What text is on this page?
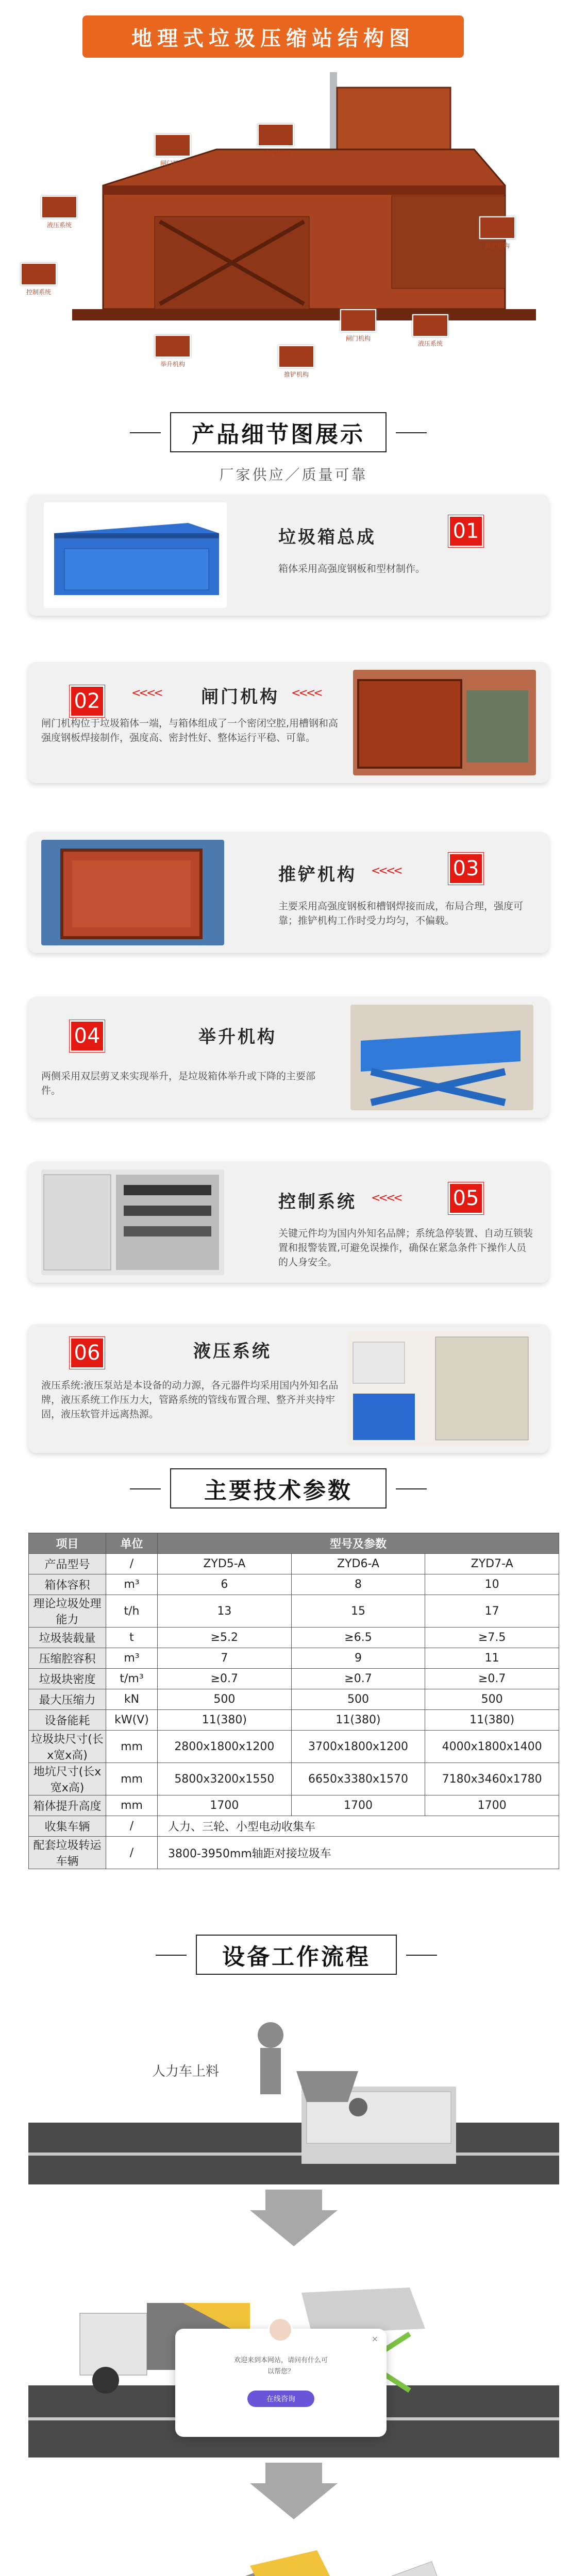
地理式垃圾压缩站结构图
闸门机构
垃圾箱总成
液压系统
控制系统
举升机构
推铲机构
推铲机构
闸门机构
液压系统
产品细节图展示
厂家供应／质量可靠
垃圾箱总成	01
箱体采用高强度钢板和型材制作。
02	闸门机构
<<<<	<<<<
闸门机构位于垃圾箱体一端，与箱体组成了一个密闭空腔,用槽钢和高强度钢板焊接制作，强度高、密封性好、整体运行平稳、可靠。
推铲机构 <<<<	03
主要采用高强度钢板和槽钢焊接而成，布局合理，强度可靠；推铲机构工作时受力均匀，不偏载。
04	举升机构
两侧采用双层剪叉来实现举升，是垃圾箱体举升或下降的主要部件。
控制系统 <<<<	05
关键元件均为国内外知名品牌；系统急停装置、自动互锁装置和报警装置,可避免误操作，确保在紧急条件下操作人员的人身安全。
06	液压系统
液压系统:液压泵站是本设备的动力源，各元器件均采用国内外知名品牌，液压系统工作压力大，管路系统的管线布置合理、整齐并夹持牢固，液压软管并远离热源。
主要技术参数
项目	单位	型号及参数		
产品型号	/	ZYD5-A	ZYD6-A	ZYD7-A
箱体容积	m³	6	8	10
理论垃圾处理能力	t/h	13	15	17
垃圾装载量	t	≥5.2	≥6.5	≥7.5
压缩腔容积	m³	7	9	11
垃圾块密度	t/m³	≥0.7	≥0.7	≥0.7
最大压缩力	kN	500	500	500
设备能耗	kW(V)	11(380)	11(380)	11(380)
垃圾块尺寸(长x宽x高)	mm	2800x1800x1200	3700x1800x1200	4000x1800x1400
地坑尺寸(长x宽x高)	mm	5800x3200x1550	6650x3380x1570	7180x3460x1780
箱体提升高度	mm	1700	1700	1700
收集车辆	/	人力、三轮、小型电动收集车		
配套垃圾转运车辆	/	3800-3950mm轴距对接垃圾车		
设备工作流程
人力车上料
×
欢迎来到本网站，请问有什么可
以帮您？
在线咨询
